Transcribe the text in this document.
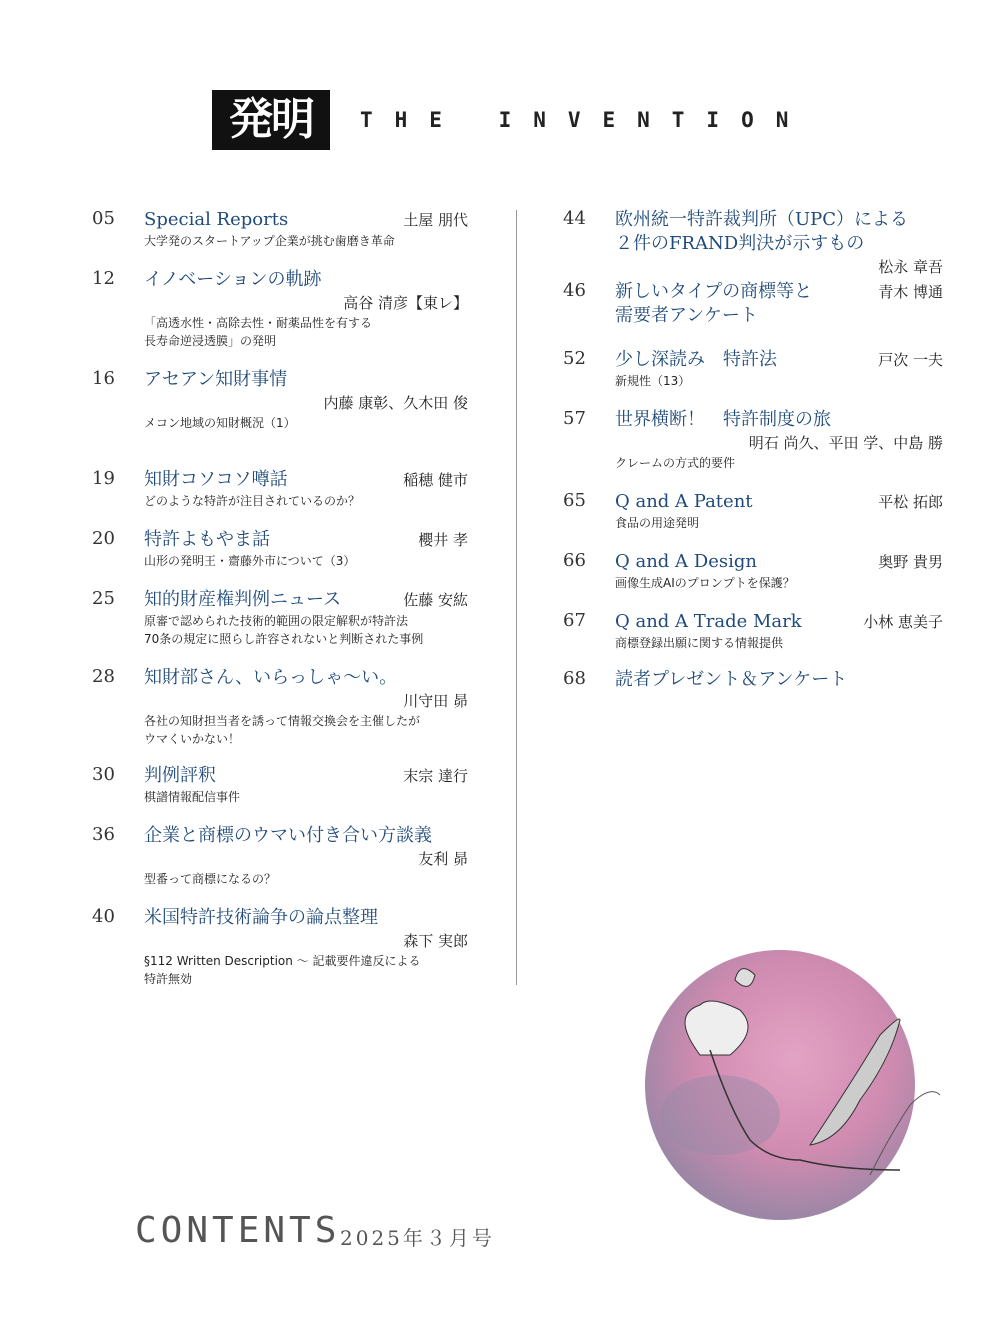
発明	THE INVENTION
05 Special Reports	土屋 朋代
大学発のスタートアップ企業が挑む歯磨き革命
12 イノベーションの軌跡
高谷 清彦【東レ】
「高透水性・高除去性・耐薬品性を有する
長寿命逆浸透膜」の発明
16 アセアン知財事情
内藤 康彰、久木田 俊
メコン地域の知財概況（1）
19 知財コソコソ噂話	稲穂 健市
どのような特許が注目されているのか？
20 特許よもやま話	櫻井 孝
山形の発明王・齋藤外市について（3）
25 知的財産権判例ニュース	佐藤 安紘
原審で認められた技術的範囲の限定解釈が特許法
70条の規定に照らし許容されないと判断された事例
28 知財部さん、いらっしゃ〜い。
川守田 昴
各社の知財担当者を誘って情報交換会を主催したが
ウマくいかない！
30 判例評釈	末宗 達行
棋譜情報配信事件
36 企業と商標のウマい付き合い方談義
友利 昴
型番って商標になるの？
40 米国特許技術論争の論点整理
森下 実郎
§112 Written Description 〜 記載要件違反による
特許無効
44 欧州統一特許裁判所（UPC）による
２件のFRAND判決が示すもの
松永 章吾
46 新しいタイプの商標等と	青木 博通
需要者アンケート
52 少し深読み　特許法	戸次 一夫
新規性（13）
57 世界横断！　特許制度の旅
明石 尚久、平田 学、中島 勝
クレームの方式的要件
65 Q and A Patent	平松 拓郎
食品の用途発明
66 Q and A Design	奥野 貴男
画像生成AIのプロンプトを保護？
67 Q and A Trade Mark	小林 恵美子
商標登録出願に関する情報提供
68 読者プレゼント＆アンケート
CONTENTS 2025年３月号
